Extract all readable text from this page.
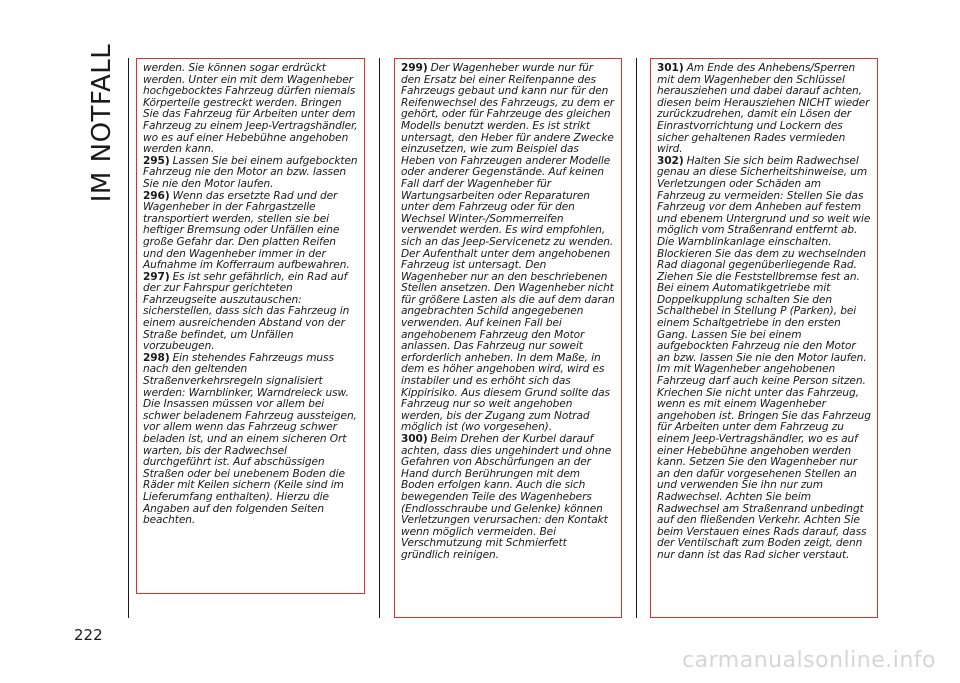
IM NOTFALL werden. Sie können sogar erdrückt werden. Unter ein mit dem Wagenheber hochgebocktes Fahrzeug dürfen niemals Körperteile gestreckt werden. Bringen Sie das Fahrzeug für Arbeiten unter dem Fahrzeug zu einem Jeep-Vertragshändler, wo es auf einer Hebebühne angehoben werden kann.

295) Lassen Sie bei einem aufgebockten Fahrzeug nie den Motor an bzw. lassen Sie nie den Motor laufen.

296) Wenn das ersetzte Rad und der Wagenheber in der Fahrgastzelle transportiert werden, stellen sie bei heftiger Bremsung oder Unfällen eine große Gefahr dar. Den platten Reifen und den Wagenheber immer in der Aufnahme im Kofferraum aufbewahren.

297) Es ist sehr gefährlich, ein Rad auf der zur Fahrspur gerichteten Fahrzeugseite auszutauschen: sicherstellen, dass sich das Fahrzeug in einem ausreichenden Abstand von der Straße befindet, um Unfällen vorzubeugen.

298) Ein stehendes Fahrzeugs muss nach den geltenden Straßenverkehrsregeln signalisiert werden: Warnblinker, Warndreieck usw. Die Insassen müssen vor allem bei schwer beladenem Fahrzeug aussteigen, vor allem wenn das Fahrzeug schwer beladen ist, und an einem sicheren Ort warten, bis der Radwechsel durchgeführt ist. Auf abschüssigen Straßen oder bei unebenem Boden die Räder mit Keilen sichern (Keile sind im Lieferumfang enthalten). Hierzu die Angaben auf den folgenden Seiten beachten.

299) Der Wagenheber wurde nur für den Ersatz bei einer Reifenpanne des Fahrzeugs gebaut und kann nur für den Reifenwechsel des Fahrzeugs, zu dem er gehört, oder für Fahrzeuge des gleichen Modells benutzt werden. Es ist strikt untersagt, den Heber für andere Zwecke einzusetzen, wie zum Beispiel das Heben von Fahrzeugen anderer Modelle oder anderer Gegenstände. Auf keinen Fall darf der Wagenheber für Wartungsarbeiten oder Reparaturen unter dem Fahrzeug oder für den Wechsel Winter-/Sommerreifen verwendet werden. Es wird empfohlen, sich an das Jeep-Servicenetz zu wenden. Der Aufenthalt unter dem angehobenen Fahrzeug ist untersagt. Den Wagenheber nur an den beschriebenen Stellen ansetzen. Den Wagenheber nicht für größere Lasten als die auf dem daran angebrachten Schild angegebenen verwenden. Auf keinen Fall bei angehobenem Fahrzeug den Motor anlassen. Das Fahrzeug nur soweit erforderlich anheben. In dem Maße, in dem es höher angehoben wird, wird es instabiler und es erhöht sich das Kippirisiko. Aus diesem Grund sollte das Fahrzeug nur so weit angehoben werden, bis der Zugang zum Notrad möglich ist (wo vorgesehen).

300) Beim Drehen der Kurbel darauf achten, dass dies ungehindert und ohne Gefahren von Abschürfungen an der Hand durch Berührungen mit dem Boden erfolgen kann. Auch die sich bewegenden Teile des Wagenhebers (Endlosschraube und Gelenke) können Verletzungen verursachen: den Kontakt wenn möglich vermeiden. Bei Verschmutzung mit Schmierfett gründlich reinigen.

301) Am Ende des Anhebens/Sperren mit dem Wagenheber den Schlüssel herausziehen und dabei darauf achten, diesen beim Herausziehen NICHT wieder zurückzudrehen, damit ein Lösen der Einrastvorrichtung und Lockern des sicher gehaltenen Rades vermieden wird.

302) Halten Sie sich beim Radwechsel genau an diese Sicherheitshinweise, um Verletzungen oder Schäden am Fahrzeug zu vermeiden: Stellen Sie das Fahrzeug vor dem Anheben auf festem und ebenem Untergrund und so weit wie möglich vom Straßenrand entfernt ab. Die Warnblinkanlage einschalten. Blockieren Sie das dem zu wechselnden Rad diagonal gegenüberliegende Rad. Ziehen Sie die Feststellbremse fest an. Bei einem Automatikgetriebe mit Doppelkupplung schalten Sie den Schalthebel in Stellung P (Parken), bei einem Schaltgetriebe in den ersten Gang. Lassen Sie bei einem aufgebockten Fahrzeug nie den Motor an bzw. lassen Sie nie den Motor laufen. Im mit Wagenheber angehobenen Fahrzeug darf auch keine Person sitzen. Kriechen Sie nicht unter das Fahrzeug, wenn es mit einem Wagenheber angehoben ist. Bringen Sie das Fahrzeug für Arbeiten unter dem Fahrzeug zu einem Jeep-Vertragshändler, wo es auf einer Hebebühne angehoben werden kann. Setzen Sie den Wagenheber nur an den dafür vorgesehenen Stellen an und verwenden Sie ihn nur zum Radwechsel. Achten Sie beim Radwechsel am Straßenrand unbedingt auf den fließenden Verkehr. Achten Sie beim Verstauen eines Rads darauf, dass der Ventilschaft zum Boden zeigt, denn nur dann ist das Rad sicher verstaut.

222
carmanualsonline.info
